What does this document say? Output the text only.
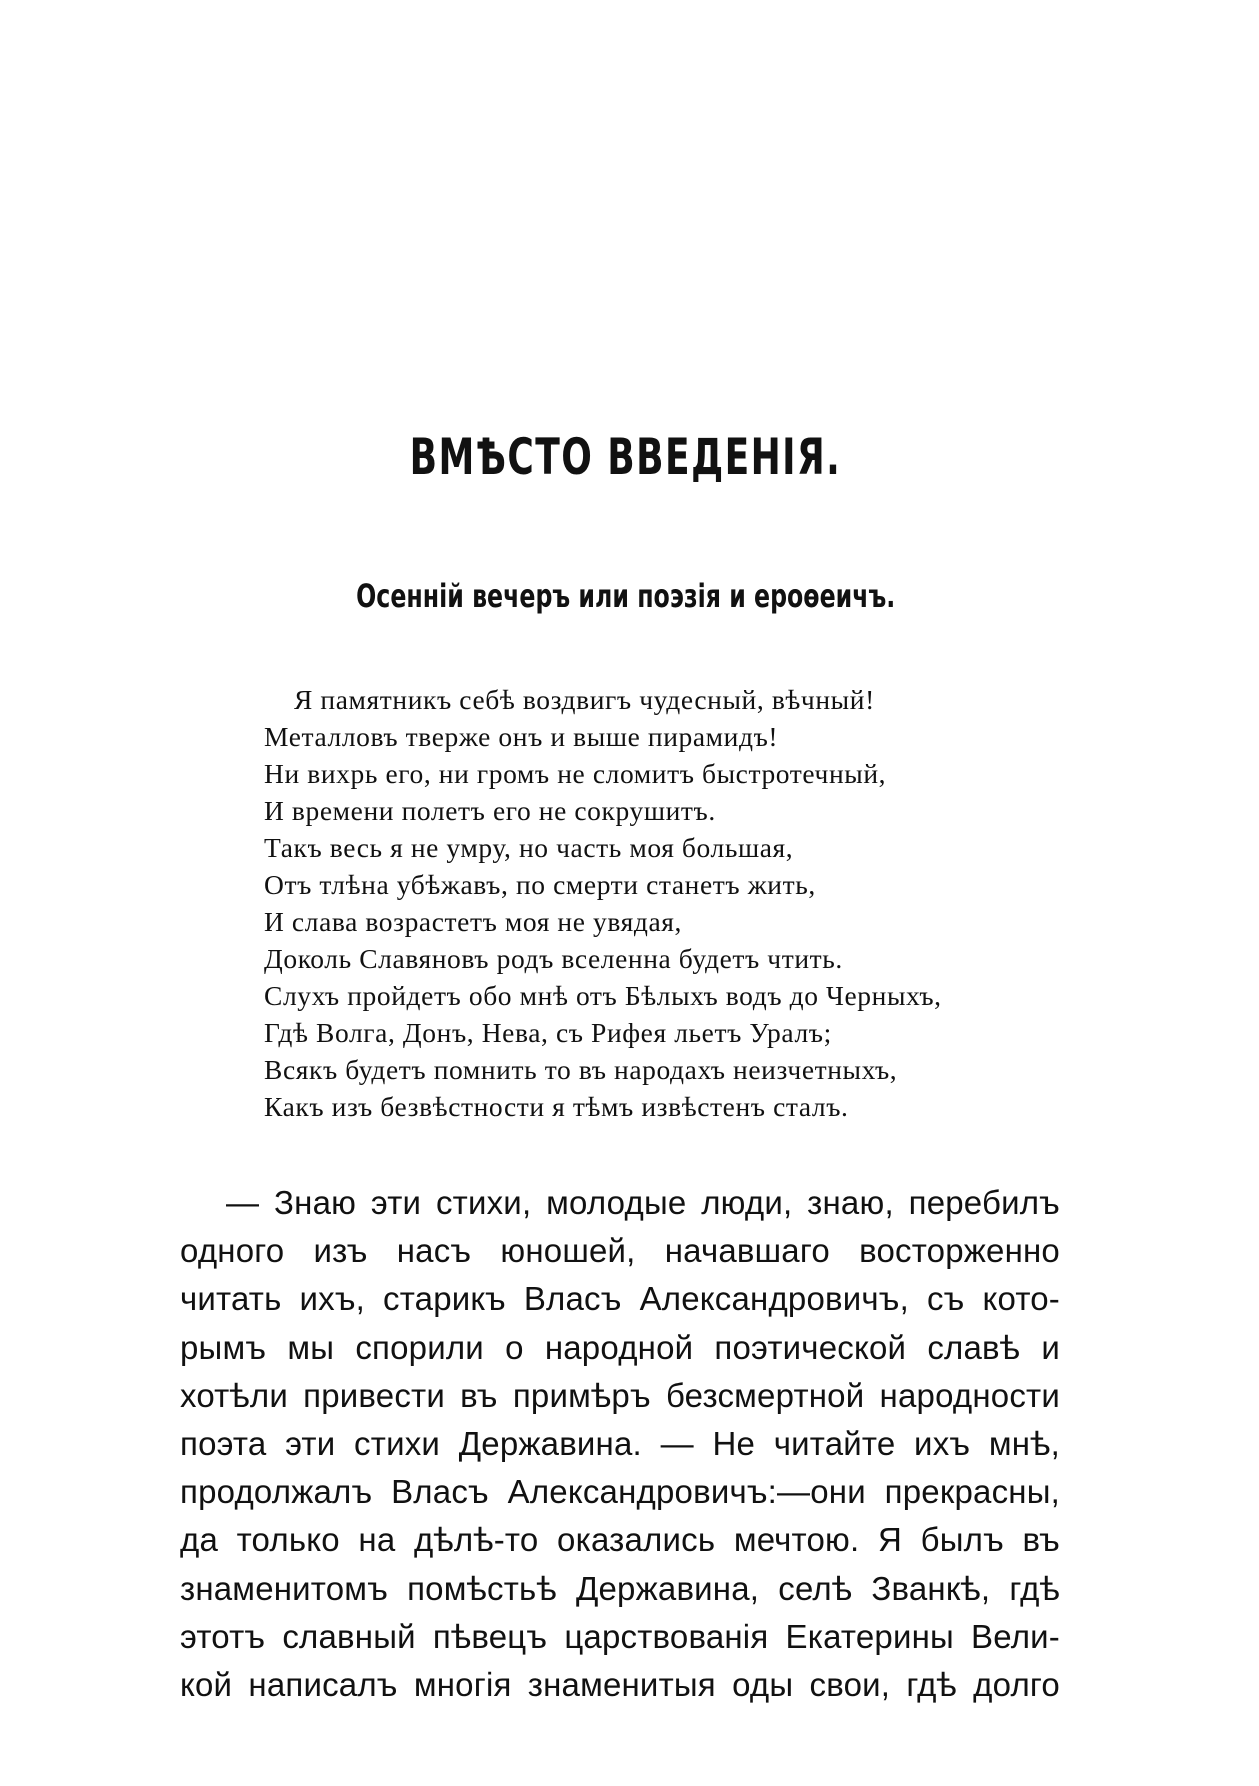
ВМѢСТО ВВЕДЕНІЯ.
Осенній вечеръ или поэзія и ероѳеичъ.
Я памятникъ себѣ воздвигъ чудесный, вѣчный!
Металловъ тверже онъ и выше пирамидъ!
Ни вихрь его, ни громъ не сломитъ быстротечный,
И времени полетъ его не сокрушитъ.
Такъ весь я не умру, но часть моя большая,
Отъ тлѣна убѣжавъ, по смерти станетъ жить,
И слава возрастетъ моя не увядая,
Доколь Славяновъ родъ вселенна будетъ чтить.
Слухъ пройдетъ обо мнѣ отъ Бѣлыхъ водъ до Черныхъ,
Гдѣ Волга, Донъ, Нева, съ Рифея льетъ Уралъ;
Всякъ будетъ помнить то въ народахъ неизчетныхъ,
Какъ изъ безвѣстности я тѣмъ извѣстенъ сталъ.
— Знаю эти стихи, молодые люди, знаю, перебилъ
одного изъ насъ юношей, начавшаго восторженно
читать ихъ, старикъ Власъ Александровичъ, съ кото-
рымъ мы спорили о народной поэтической славѣ и
хотѣли привести въ примѣръ безсмертной народности
поэта эти стихи Державина. — Не читайте ихъ мнѣ,
продолжалъ Власъ Александровичъ:—они прекрасны,
да только на дѣлѣ-то оказались мечтою. Я былъ въ
знаменитомъ помѣстьѣ Державина, селѣ Званкѣ, гдѣ
этотъ славный пѣвецъ царствованія Екатерины Вели-
кой написалъ многія знаменитыя оды свои, гдѣ долго
